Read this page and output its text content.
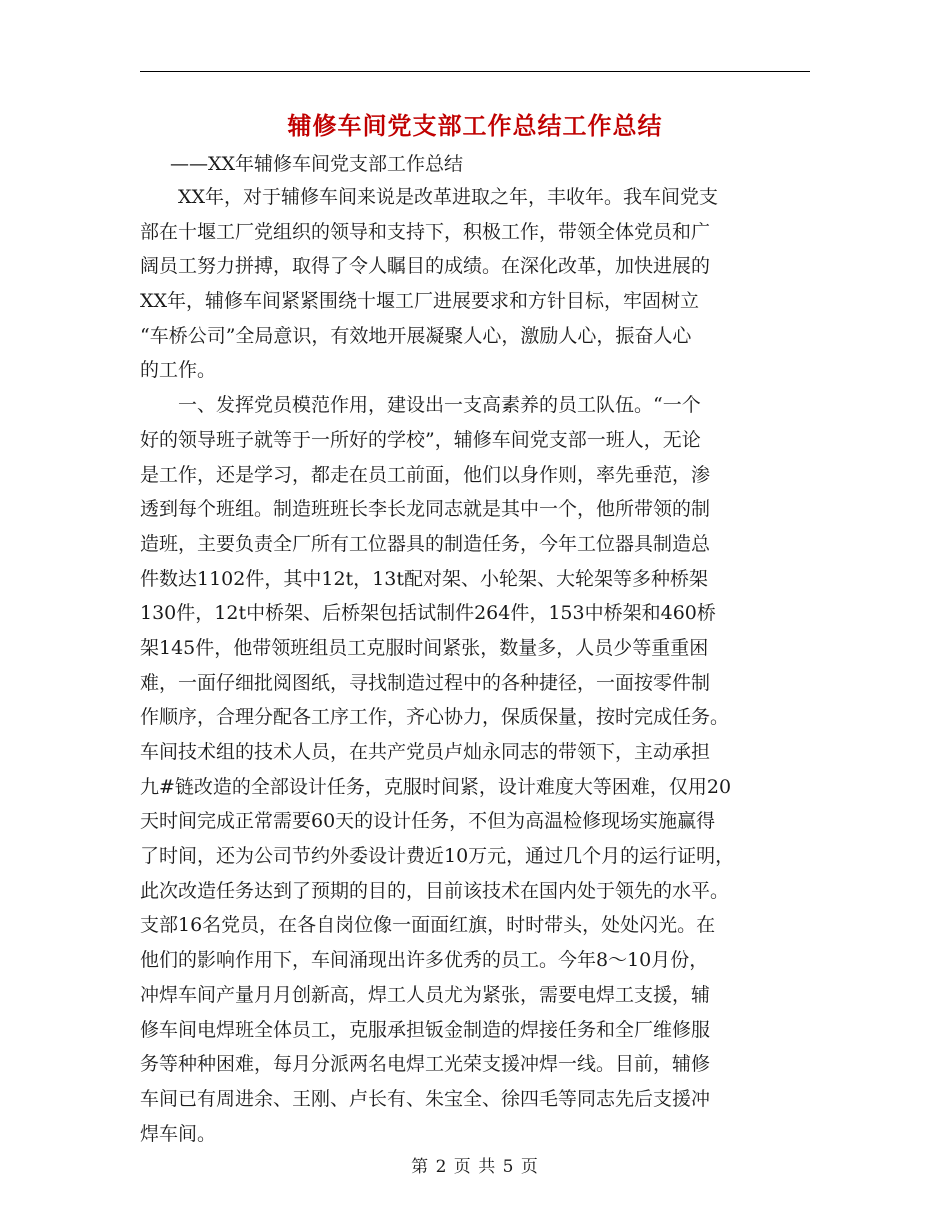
辅修车间党支部工作总结工作总结
——XX年辅修车间党支部工作总结
XX年，对于辅修车间来说是改革进取之年，丰收年。我车间党支
部在十堰工厂党组织的领导和支持下，积极工作，带领全体党员和广
阔员工努力拼搏，取得了令人瞩目的成绩。在深化改革，加快进展的
XX年，辅修车间紧紧围绕十堰工厂进展要求和方针目标，牢固树立
“车桥公司”全局意识，有效地开展凝聚人心，激励人心，振奋人心
的工作。
一、发挥党员模范作用，建设出一支高素养的员工队伍。“一个
好的领导班子就等于一所好的学校”，辅修车间党支部一班人，无论
是工作，还是学习，都走在员工前面，他们以身作则，率先垂范，渗
透到每个班组。制造班班长李长龙同志就是其中一个，他所带领的制
造班，主要负责全厂所有工位器具的制造任务，今年工位器具制造总
件数达1102件，其中12t，13t配对架、小轮架、大轮架等多种桥架
130件，12t中桥架、后桥架包括试制件264件，153中桥架和460桥
架145件，他带领班组员工克服时间紧张，数量多，人员少等重重困
难，一面仔细批阅图纸，寻找制造过程中的各种捷径，一面按零件制
作顺序，合理分配各工序工作，齐心协力，保质保量，按时完成任务。
车间技术组的技术人员，在共产党员卢灿永同志的带领下，主动承担
九#链改造的全部设计任务，克服时间紧，设计难度大等困难，仅用20
天时间完成正常需要60天的设计任务，不但为高温检修现场实施赢得
了时间，还为公司节约外委设计费近10万元，通过几个月的运行证明，
此次改造任务达到了预期的目的，目前该技术在国内处于领先的水平。
支部16名党员，在各自岗位像一面面红旗，时时带头，处处闪光。在
他们的影响作用下，车间涌现出许多优秀的员工。今年8～10月份，
冲焊车间产量月月创新高，焊工人员尤为紧张，需要电焊工支援，辅
修车间电焊班全体员工，克服承担钣金制造的焊接任务和全厂维修服
务等种种困难，每月分派两名电焊工光荣支援冲焊一线。目前，辅修
车间已有周进余、王刚、卢长有、朱宝全、徐四毛等同志先后支援冲
焊车间。
第 2 页 共 5 页
